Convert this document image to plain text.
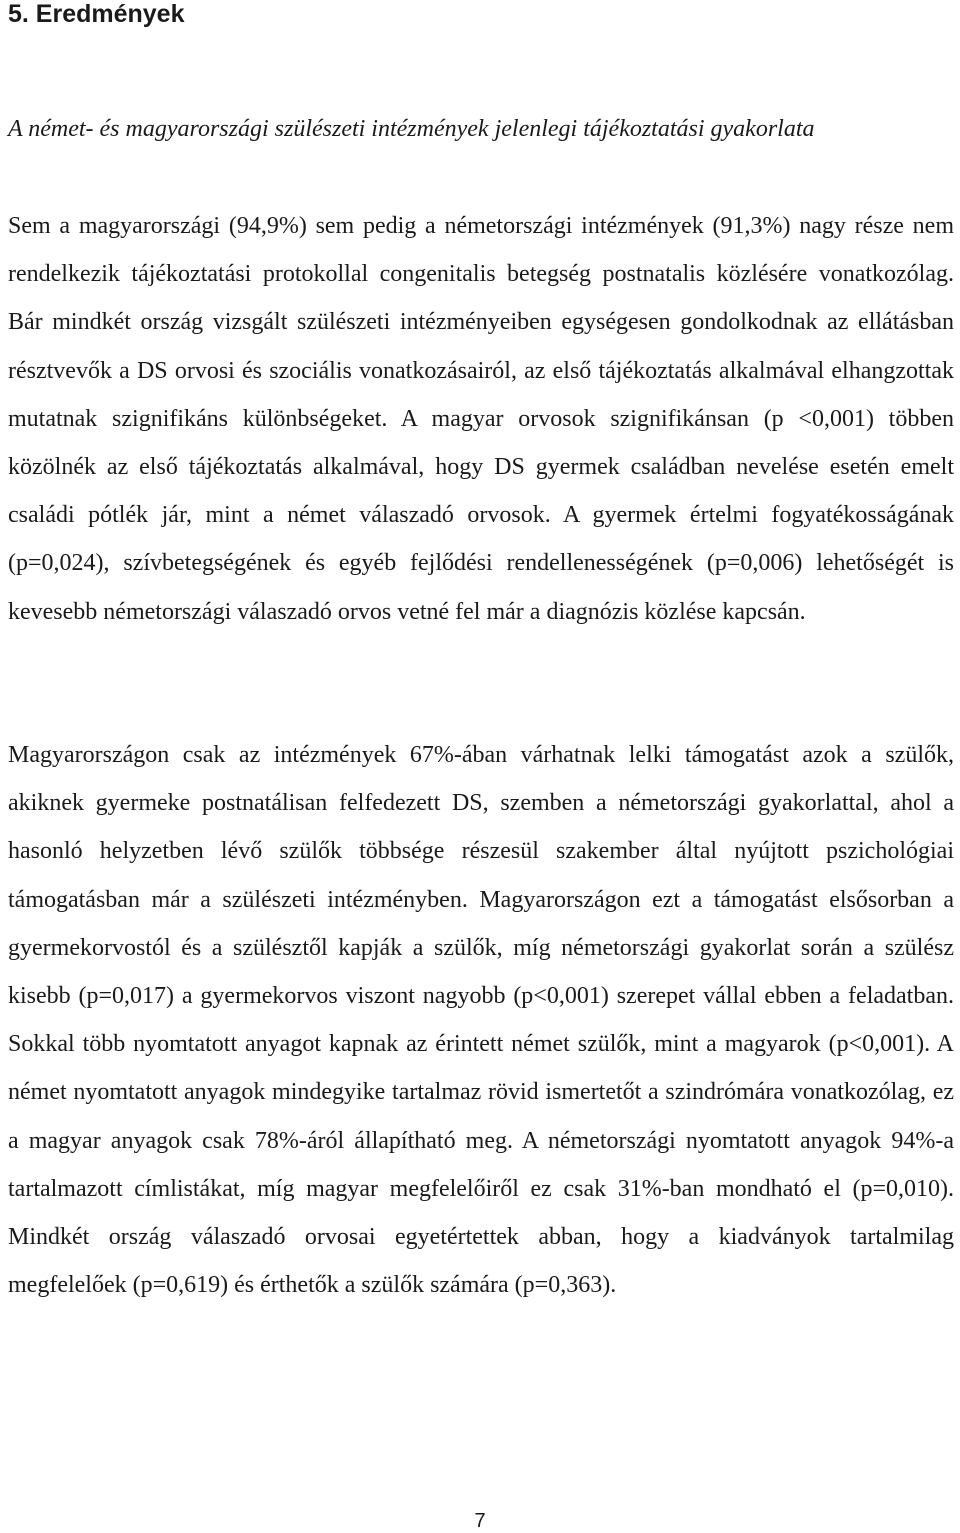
5. Eredmények

A német- és magyarországi szülészeti intézmények jelenlegi tájékoztatási gyakorlata

Sem a magyarországi (94,9%) sem pedig a németországi intézmények (91,3%) nagy része nem rendelkezik tájékoztatási protokollal congenitalis betegség postnatalis közlésére vonatkozólag. Bár mindkét ország vizsgált szülészeti intézményeiben egységesen gondolkodnak az ellátásban résztvevők a DS orvosi és szociális vonatkozásairól, az első tájékoztatás alkalmával elhangzottak mutatnak szignifikáns különbségeket. A magyar orvosok szignifikánsan (p <0,001) többen közölnék az első tájékoztatás alkalmával, hogy DS gyermek családban nevelése esetén emelt családi pótlék jár, mint a német válaszadó orvosok. A gyermek értelmi fogyatékosságának (p=0,024), szívbetegségének és egyéb fejlődési rendellenességének (p=0,006) lehetőségét is kevesebb németországi válaszadó orvos vetné fel már a diagnózis közlése kapcsán.

Magyarországon csak az intézmények 67%-ában várhatnak lelki támogatást azok a szülők, akiknek gyermeke postnatálisan felfedezett DS, szemben a németországi gyakorlattal, ahol a hasonló helyzetben lévő szülők többsége részesül szakember által nyújtott pszichológiai támogatásban már a szülészeti intézményben. Magyarországon ezt a támogatást elsősorban a gyermekorvostól és a szülésztől kapják a szülők, míg németországi gyakorlat során a szülész kisebb (p=0,017) a gyermekorvos viszont nagyobb (p<0,001) szerepet vállal ebben a feladatban. Sokkal több nyomtatott anyagot kapnak az érintett német szülők, mint a magyarok (p<0,001). A német nyomtatott anyagok mindegyike tartalmaz rövid ismertetőt a szindrómára vonatkozólag, ez a magyar anyagok csak 78%-áról állapítható meg. A németországi nyomtatott anyagok 94%-a tartalmazott címlistákat, míg magyar megfelelőiről ez csak 31%-ban mondható el (p=0,010). Mindkét ország válaszadó orvosai egyetértettek abban, hogy a kiadványok tartalmilag megfelelőek (p=0,619) és érthetők a szülők számára (p=0,363).

7
